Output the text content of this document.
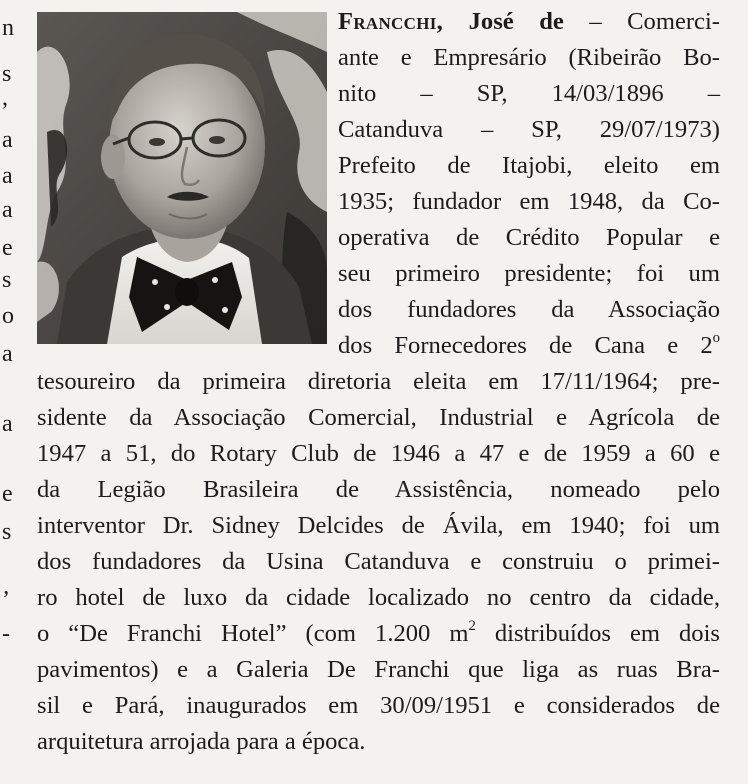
n
s
,
a
a
a
e
s
o
a
a
e
s
’
-
Francchi, José de – Comerci-
ante e Empresário (Ribeirão Bo-
nito – SP, 14/03/1896 –
Catanduva – SP, 29/07/1973)
Prefeito de Itajobi, eleito em
1935; fundador em 1948, da Co-
operativa de Crédito Popular e
seu primeiro presidente; foi um
dos fundadores da Associação
dos Fornecedores de Cana e 2$^o$
tesoureiro da primeira diretoria eleita em 17/11/1964; pre-
sidente da Associação Comercial, Industrial e Agrícola de
1947 a 51, do Rotary Club de 1946 a 47 e de 1959 a 60 e
da Legião Brasileira de Assistência, nomeado pelo
interventor Dr. Sidney Delcides de Ávila, em 1940; foi um
dos fundadores da Usina Catanduva e construiu o primei-
ro hotel de luxo da cidade localizado no centro da cidade,
o “De Franchi Hotel” (com 1.200 $m^2$ distribuídos em dois
pavimentos) e a Galeria De Franchi que liga as ruas Bra-
sil e Pará, inaugurados em 30/09/1951 e considerados de
arquitetura arrojada para a época.
